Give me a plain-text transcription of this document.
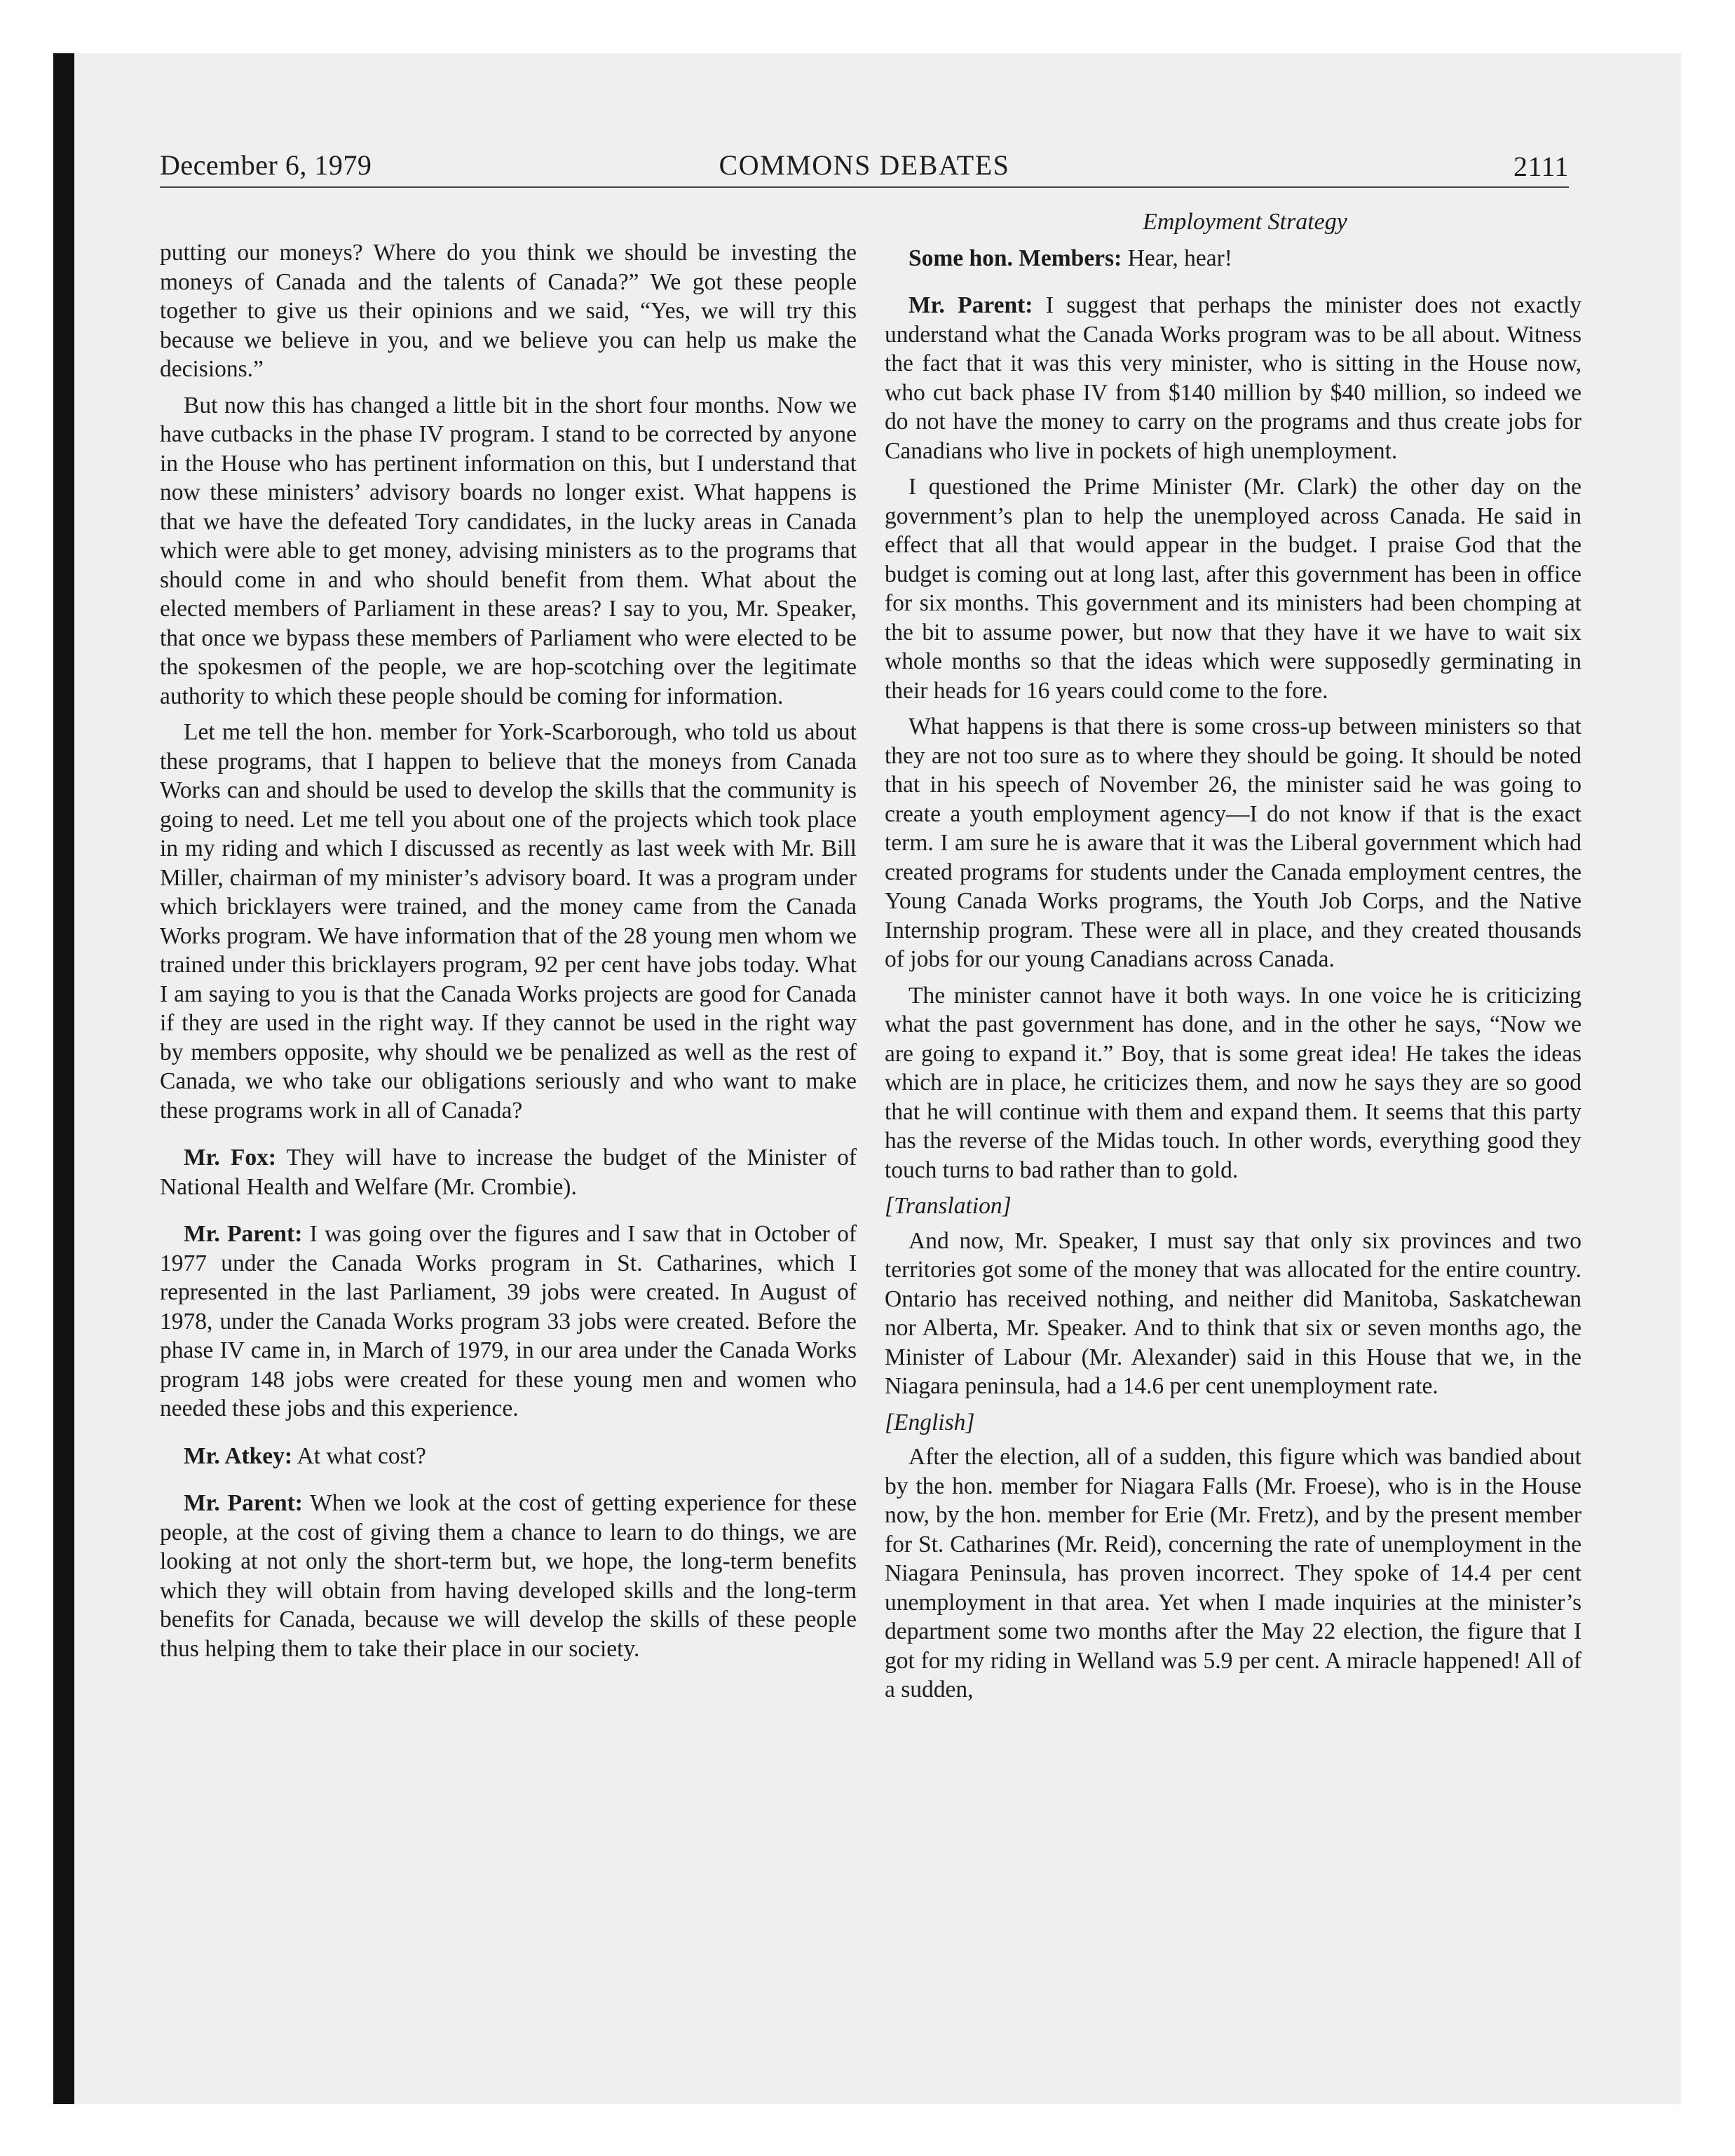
December 6, 1979	COMMONS DEBATES	2111

putting our moneys? Where do you think we should be investing the moneys of Canada and the talents of Canada?” We got these people together to give us their opinions and we said, “Yes, we will try this because we believe in you, and we believe you can help us make the decisions.”

But now this has changed a little bit in the short four months. Now we have cutbacks in the phase IV program. I stand to be corrected by anyone in the House who has pertinent information on this, but I understand that now these ministers’ advisory boards no longer exist. What happens is that we have the defeated Tory candidates, in the lucky areas in Canada which were able to get money, advising ministers as to the programs that should come in and who should benefit from them. What about the elected members of Parliament in these areas? I say to you, Mr. Speaker, that once we bypass these members of Parliament who were elected to be the spokesmen of the people, we are hop-scotching over the legitimate authority to which these people should be coming for information.

Let me tell the hon. member for York-Scarborough, who told us about these programs, that I happen to believe that the moneys from Canada Works can and should be used to develop the skills that the community is going to need. Let me tell you about one of the projects which took place in my riding and which I discussed as recently as last week with Mr. Bill Miller, chairman of my minister’s advisory board. It was a program under which bricklayers were trained, and the money came from the Canada Works program. We have information that of the 28 young men whom we trained under this bricklayers program, 92 per cent have jobs today. What I am saying to you is that the Canada Works projects are good for Canada if they are used in the right way. If they cannot be used in the right way by members opposite, why should we be penalized as well as the rest of Canada, we who take our obligations seriously and who want to make these programs work in all of Canada?

Mr. Fox: They will have to increase the budget of the Minister of National Health and Welfare (Mr. Crombie).

Mr. Parent: I was going over the figures and I saw that in October of 1977 under the Canada Works program in St. Catharines, which I represented in the last Parliament, 39 jobs were created. In August of 1978, under the Canada Works program 33 jobs were created. Before the phase IV came in, in March of 1979, in our area under the Canada Works program 148 jobs were created for these young men and women who needed these jobs and this experience.

Mr. Atkey: At what cost?

Mr. Parent: When we look at the cost of getting experience for these people, at the cost of giving them a chance to learn to do things, we are looking at not only the short-term but, we hope, the long-term benefits which they will obtain from having developed skills and the long-term benefits for Canada, because we will develop the skills of these people thus helping them to take their place in our society.

Employment Strategy

Some hon. Members: Hear, hear!

Mr. Parent: I suggest that perhaps the minister does not exactly understand what the Canada Works program was to be all about. Witness the fact that it was this very minister, who is sitting in the House now, who cut back phase IV from $140 million by $40 million, so indeed we do not have the money to carry on the programs and thus create jobs for Canadians who live in pockets of high unemployment.

I questioned the Prime Minister (Mr. Clark) the other day on the government’s plan to help the unemployed across Canada. He said in effect that all that would appear in the budget. I praise God that the budget is coming out at long last, after this government has been in office for six months. This government and its ministers had been chomping at the bit to assume power, but now that they have it we have to wait six whole months so that the ideas which were supposedly germinating in their heads for 16 years could come to the fore.

What happens is that there is some cross-up between ministers so that they are not too sure as to where they should be going. It should be noted that in his speech of November 26, the minister said he was going to create a youth employment agency—I do not know if that is the exact term. I am sure he is aware that it was the Liberal government which had created programs for students under the Canada employment centres, the Young Canada Works programs, the Youth Job Corps, and the Native Internship program. These were all in place, and they created thousands of jobs for our young Canadians across Canada.

The minister cannot have it both ways. In one voice he is criticizing what the past government has done, and in the other he says, “Now we are going to expand it.” Boy, that is some great idea! He takes the ideas which are in place, he criticizes them, and now he says they are so good that he will continue with them and expand them. It seems that this party has the reverse of the Midas touch. In other words, everything good they touch turns to bad rather than to gold.

[Translation]

And now, Mr. Speaker, I must say that only six provinces and two territories got some of the money that was allocated for the entire country. Ontario has received nothing, and neither did Manitoba, Saskatchewan nor Alberta, Mr. Speaker. And to think that six or seven months ago, the Minister of Labour (Mr. Alexander) said in this House that we, in the Niagara peninsula, had a 14.6 per cent unemployment rate.

[English]

After the election, all of a sudden, this figure which was bandied about by the hon. member for Niagara Falls (Mr. Froese), who is in the House now, by the hon. member for Erie (Mr. Fretz), and by the present member for St. Catharines (Mr. Reid), concerning the rate of unemployment in the Niagara Peninsula, has proven incorrect. They spoke of 14.4 per cent unemployment in that area. Yet when I made inquiries at the minister’s department some two months after the May 22 election, the figure that I got for my riding in Welland was 5.9 per cent. A miracle happened! All of a sudden,
